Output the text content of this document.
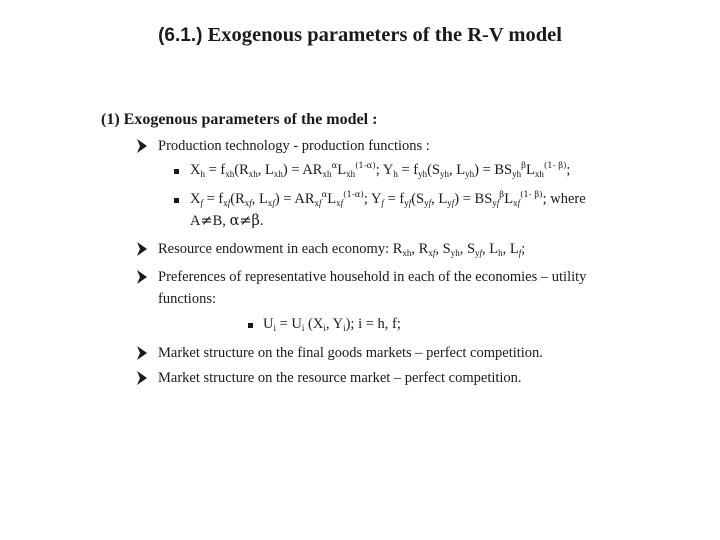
(6.1.) Exogenous parameters of the R-V model
(1) Exogenous parameters of the model :
Production technology - production functions :
$X_h = f_{xh}(R_{xh}$, $L_{xh}) = AR_{xh}^\alpha L_{xh}^{(1-\alpha)}$; $Y_h = f_{yh}(S_{yh}$, $L_{yh}) = BS_{yh}^\beta L_{xh}^{(1- \beta)}$;
$X_f = f_{xf}(R_{xf}$, $L_{xf}) = AR_{xf}^\alpha L_{xf}^{(1-\alpha)}$; $Y_f = f_{yf}(S_{yf}$, $L_{yf}) = BS_{yf}^\beta L_{xf}^{(1- \beta)}$; where
A≠B, α≠β.
Resource endowment in each economy: $R_{xh}$, $R_{xf}$, $S_{yh}$, $S_{yf}$, $L_h$, $L_f$;
Preferences of representative household in each of the economies – utility
functions:
$U_i = U_i$ ($X_i$, $Y_i$); i = h, f;
Market structure on the final goods markets – perfect competition.
Market structure on the resource market – perfect competition.
